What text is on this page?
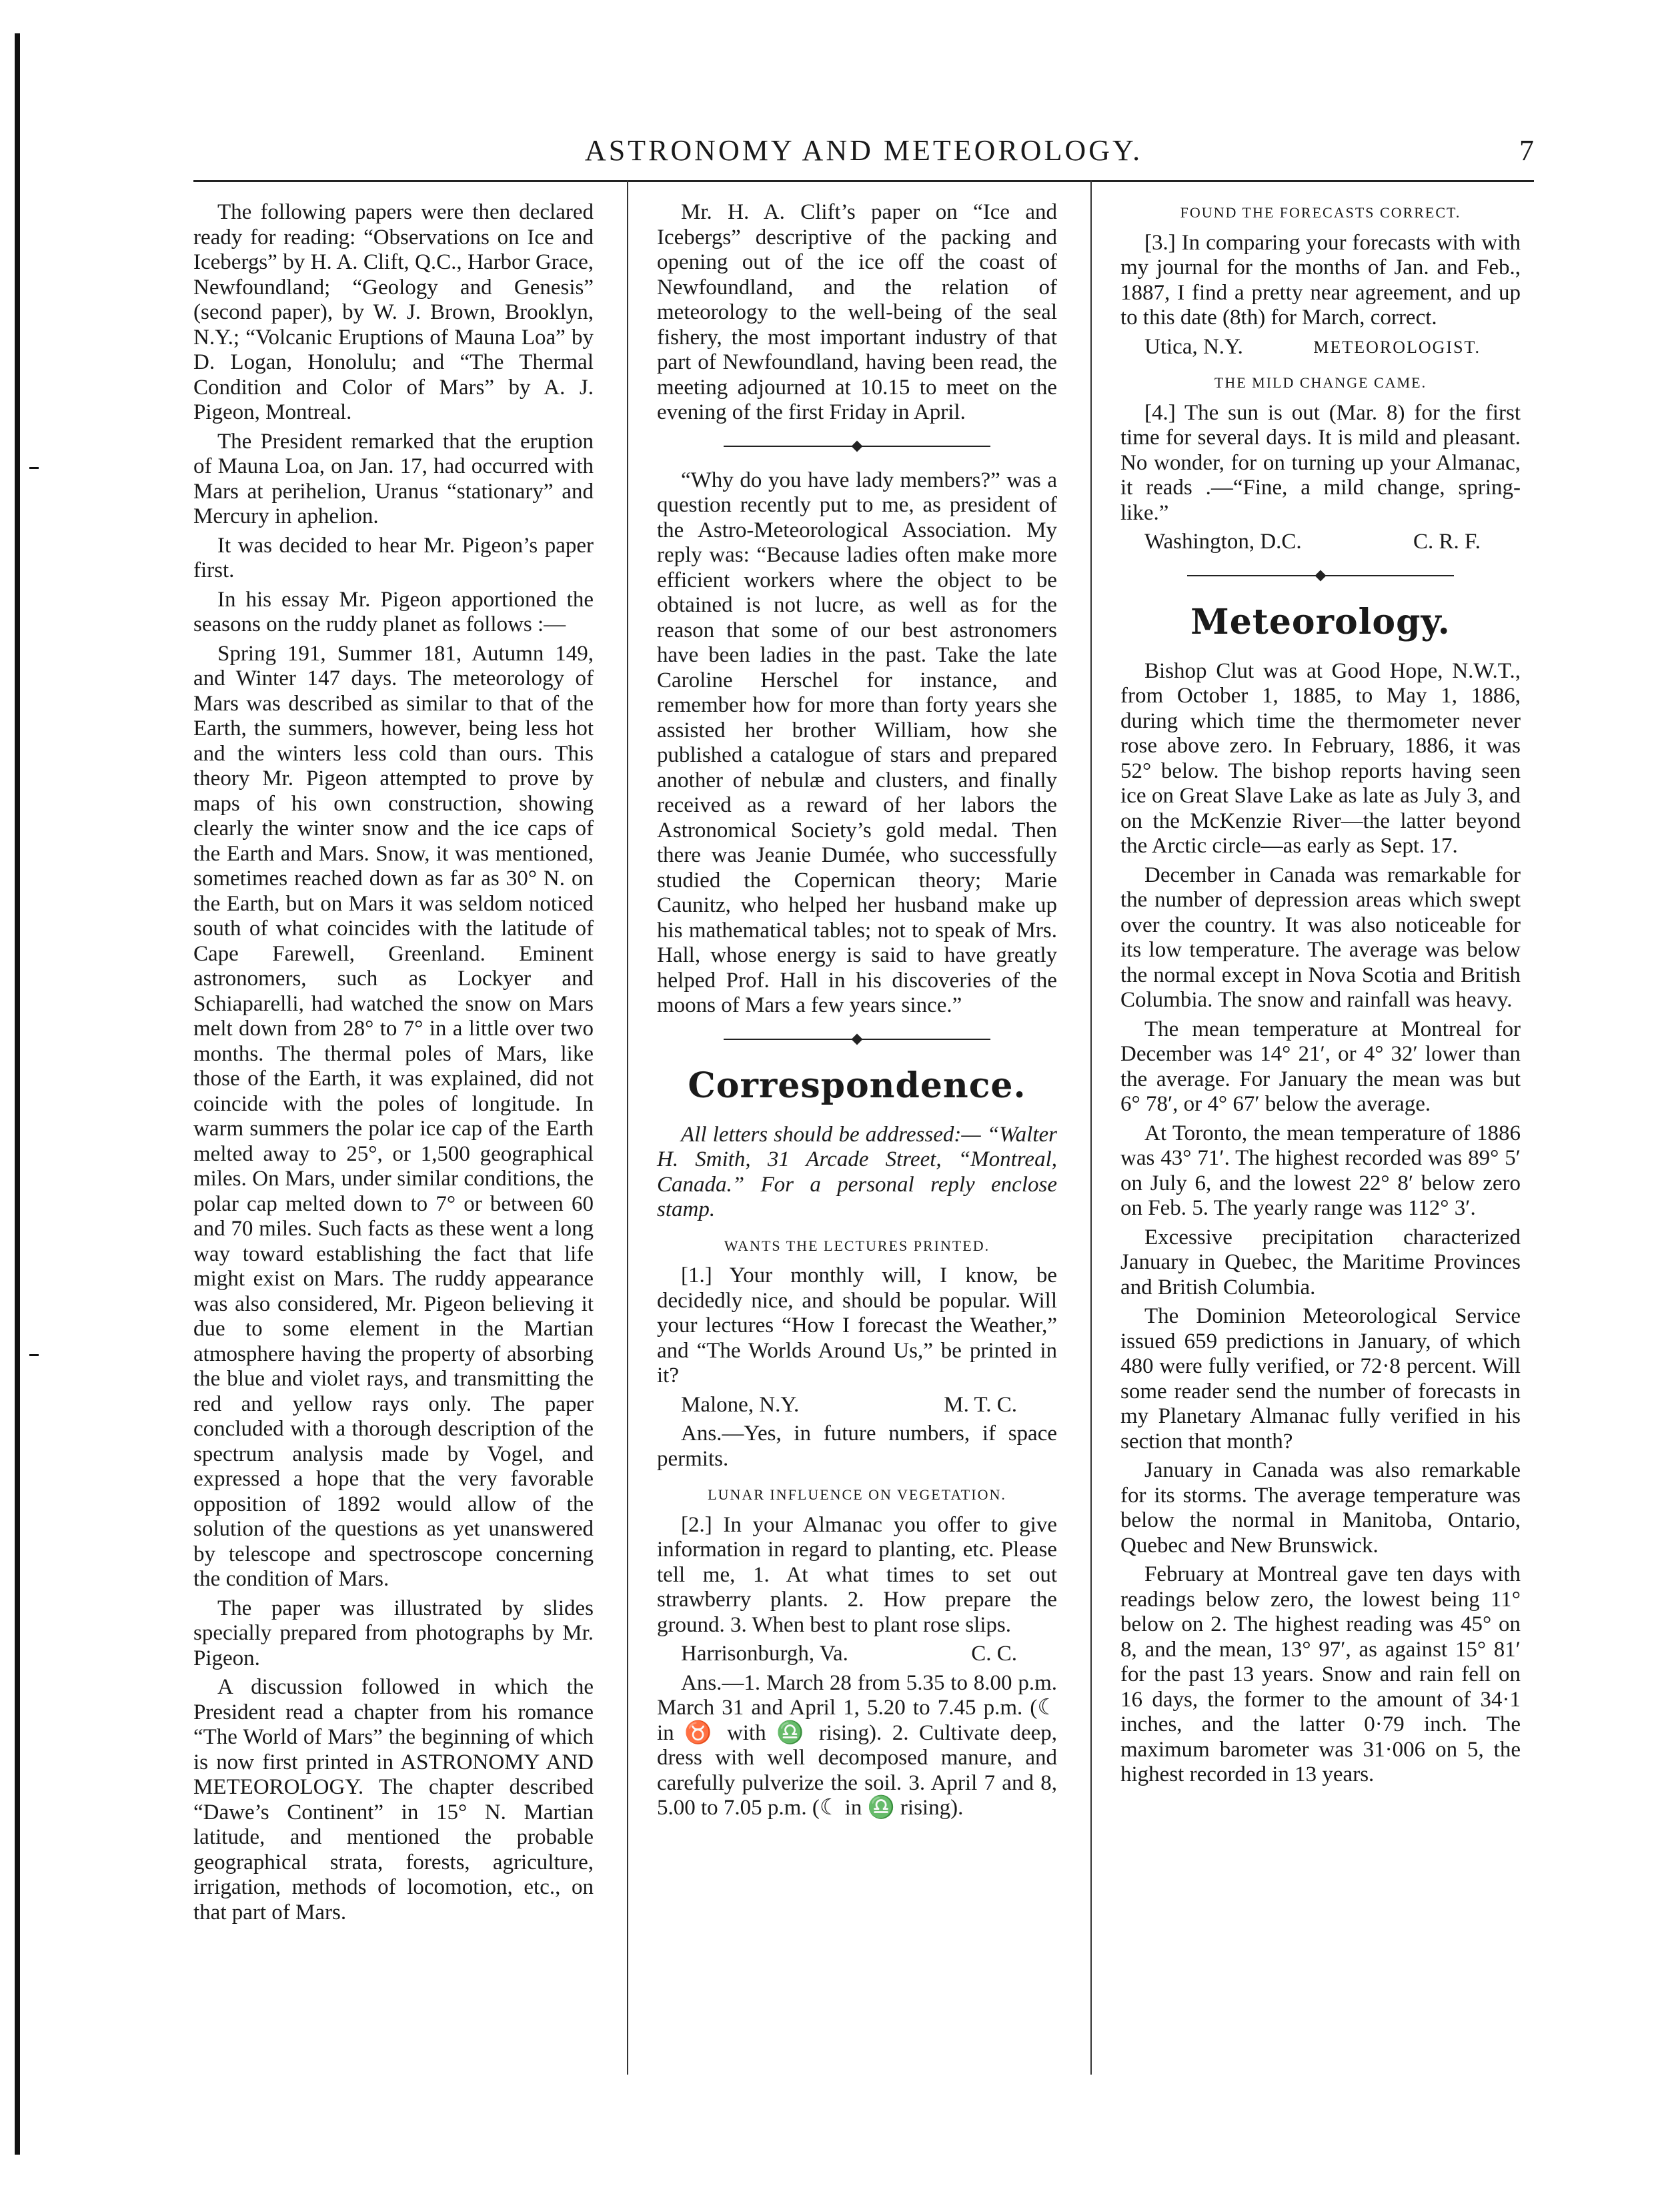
ASTRONOMY AND METEOROLOGY.	7

The following papers were then declared ready for reading: “Observations on Ice and Icebergs” by H. A. Clift, Q.C., Harbor Grace, Newfoundland; “Geology and Genesis” (second paper), by W. J. Brown, Brooklyn, N.Y.; “Volcanic Eruptions of Mauna Loa” by D. Logan, Honolulu; and “The Thermal Condition and Color of Mars” by A. J. Pigeon, Montreal.

The President remarked that the eruption of Mauna Loa, on Jan. 17, had occurred with Mars at perihelion, Uranus “stationary” and Mercury in aphelion.

It was decided to hear Mr. Pigeon’s paper first.

In his essay Mr. Pigeon apportioned the seasons on the ruddy planet as follows :—

Spring 191, Summer 181, Autumn 149, and Winter 147 days. The meteorology of Mars was described as similar to that of the Earth, the summers, however, being less hot and the winters less cold than ours. This theory Mr. Pigeon attempted to prove by maps of his own construction, showing clearly the winter snow and the ice caps of the Earth and Mars. Snow, it was mentioned, sometimes reached down as far as 30° N. on the Earth, but on Mars it was seldom noticed south of what coincides with the latitude of Cape Farewell, Greenland. Eminent astronomers, such as Lockyer and Schiaparelli, had watched the snow on Mars melt down from 28° to 7° in a little over two months. The thermal poles of Mars, like those of the Earth, it was explained, did not coincide with the poles of longitude. In warm summers the polar ice cap of the Earth melted away to 25°, or 1,500 geographical miles. On Mars, under similar conditions, the polar cap melted down to 7° or between 60 and 70 miles. Such facts as these went a long way toward establishing the fact that life might exist on Mars. The ruddy appearance was also considered, Mr. Pigeon believing it due to some element in the Martian atmosphere having the property of absorbing the blue and violet rays, and transmitting the red and yellow rays only. The paper concluded with a thorough description of the spectrum analysis made by Vogel, and expressed a hope that the very favorable opposition of 1892 would allow of the solution of the questions as yet unanswered by telescope and spectroscope concerning the condition of Mars.

The paper was illustrated by slides specially prepared from photographs by Mr. Pigeon.

A discussion followed in which the President read a chapter from his romance “The World of Mars” the beginning of which is now first printed in ASTRONOMY AND METEOROLOGY. The chapter described “Dawe’s Continent” in 15° N. Martian latitude, and mentioned the probable geographical strata, forests, agriculture, irrigation, methods of locomotion, etc., on that part of Mars.

Mr. H. A. Clift’s paper on “Ice and Icebergs” descriptive of the packing and opening out of the ice off the coast of Newfoundland, and the relation of meteorology to the well-being of the seal fishery, the most important industry of that part of Newfoundland, having been read, the meeting adjourned at 10.15 to meet on the evening of the first Friday in April.

“Why do you have lady members?” was a question recently put to me, as president of the Astro-Meteorological Association. My reply was: “Because ladies often make more efficient workers where the object to be obtained is not lucre, as well as for the reason that some of our best astronomers have been ladies in the past. Take the late Caroline Herschel for instance, and remember how for more than forty years she assisted her brother William, how she published a catalogue of stars and prepared another of nebulæ and clusters, and finally received as a reward of her labors the Astronomical Society’s gold medal. Then there was Jeanie Dumée, who successfully studied the Copernican theory; Marie Caunitz, who helped her husband make up his mathematical tables; not to speak of Mrs. Hall, whose energy is said to have greatly helped Prof. Hall in his discoveries of the moons of Mars a few years since.”

Correspondence.

All letters should be addressed:— “Walter H. Smith, 31 Arcade Street, “Montreal, Canada.” For a personal reply enclose stamp.

WANTS THE LECTURES PRINTED.

[1.] Your monthly will, I know, be decidedly nice, and should be popular. Will your lectures “How I forecast the Weather,” and “The Worlds Around Us,” be printed in it?

Malone, N.Y.	M. T. C.

Ans.—Yes, in future numbers, if space permits.

LUNAR INFLUENCE ON VEGETATION.

[2.] In your Almanac you offer to give information in regard to planting, etc. Please tell me, 1. At what times to set out strawberry plants. 2. How prepare the ground. 3. When best to plant rose slips.

Harrisonburgh, Va.	C. C.

Ans.—1. March 28 from 5.35 to 8.00 p.m. March 31 and April 1, 5.20 to 7.45 p.m. (☾ in ♉ with ♎ rising). 2. Cultivate deep, dress with well decomposed manure, and carefully pulverize the soil. 3. April 7 and 8, 5.00 to 7.05 p.m. (☾ in ♎ rising).

FOUND THE FORECASTS CORRECT.

[3.] In comparing your forecasts with with my journal for the months of Jan. and Feb., 1887, I find a pretty near agreement, and up to this date (8th) for March, correct.

Utica, N.Y.	METEOROLOGIST.
THE MILD CHANGE CAME.

[4.] The sun is out (Mar. 8) for the first time for several days. It is mild and pleasant. No wonder, for on turning up your Almanac, it reads .—“Fine, a mild change, spring-like.”

Washington, D.C.	C. R. F.
Meteorology.

Bishop Clut was at Good Hope, N.W.T., from October 1, 1885, to May 1, 1886, during which time the thermometer never rose above zero. In February, 1886, it was 52° below. The bishop reports having seen ice on Great Slave Lake as late as July 3, and on the McKenzie River—the latter beyond the Arctic circle—as early as Sept. 17.

December in Canada was remarkable for the number of depression areas which swept over the country. It was also noticeable for its low temperature. The average was below the normal except in Nova Scotia and British Columbia. The snow and rainfall was heavy.

The mean temperature at Montreal for December was 14° 21′, or 4° 32′ lower than the average. For January the mean was but 6° 78′, or 4° 67′ below the average.

At Toronto, the mean temperature of 1886 was 43° 71′. The highest recorded was 89° 5′ on July 6, and the lowest 22° 8′ below zero on Feb. 5. The yearly range was 112° 3′.

Excessive precipitation characterized January in Quebec, the Maritime Provinces and British Columbia.

The Dominion Meteorological Service issued 659 predictions in January, of which 480 were fully verified, or 72·8 percent. Will some reader send the number of forecasts in my Planetary Almanac fully verified in his section that month?

January in Canada was also remarkable for its storms. The average temperature was below the normal in Manitoba, Ontario, Quebec and New Brunswick.

February at Montreal gave ten days with readings below zero, the lowest being 11° below on 2. The highest reading was 45° on 8, and the mean, 13° 97′, as against 15° 81′ for the past 13 years. Snow and rain fell on 16 days, the former to the amount of 34·1 inches, and the latter 0·79 inch. The maximum barometer was 31·006 on 5, the highest recorded in 13 years.
